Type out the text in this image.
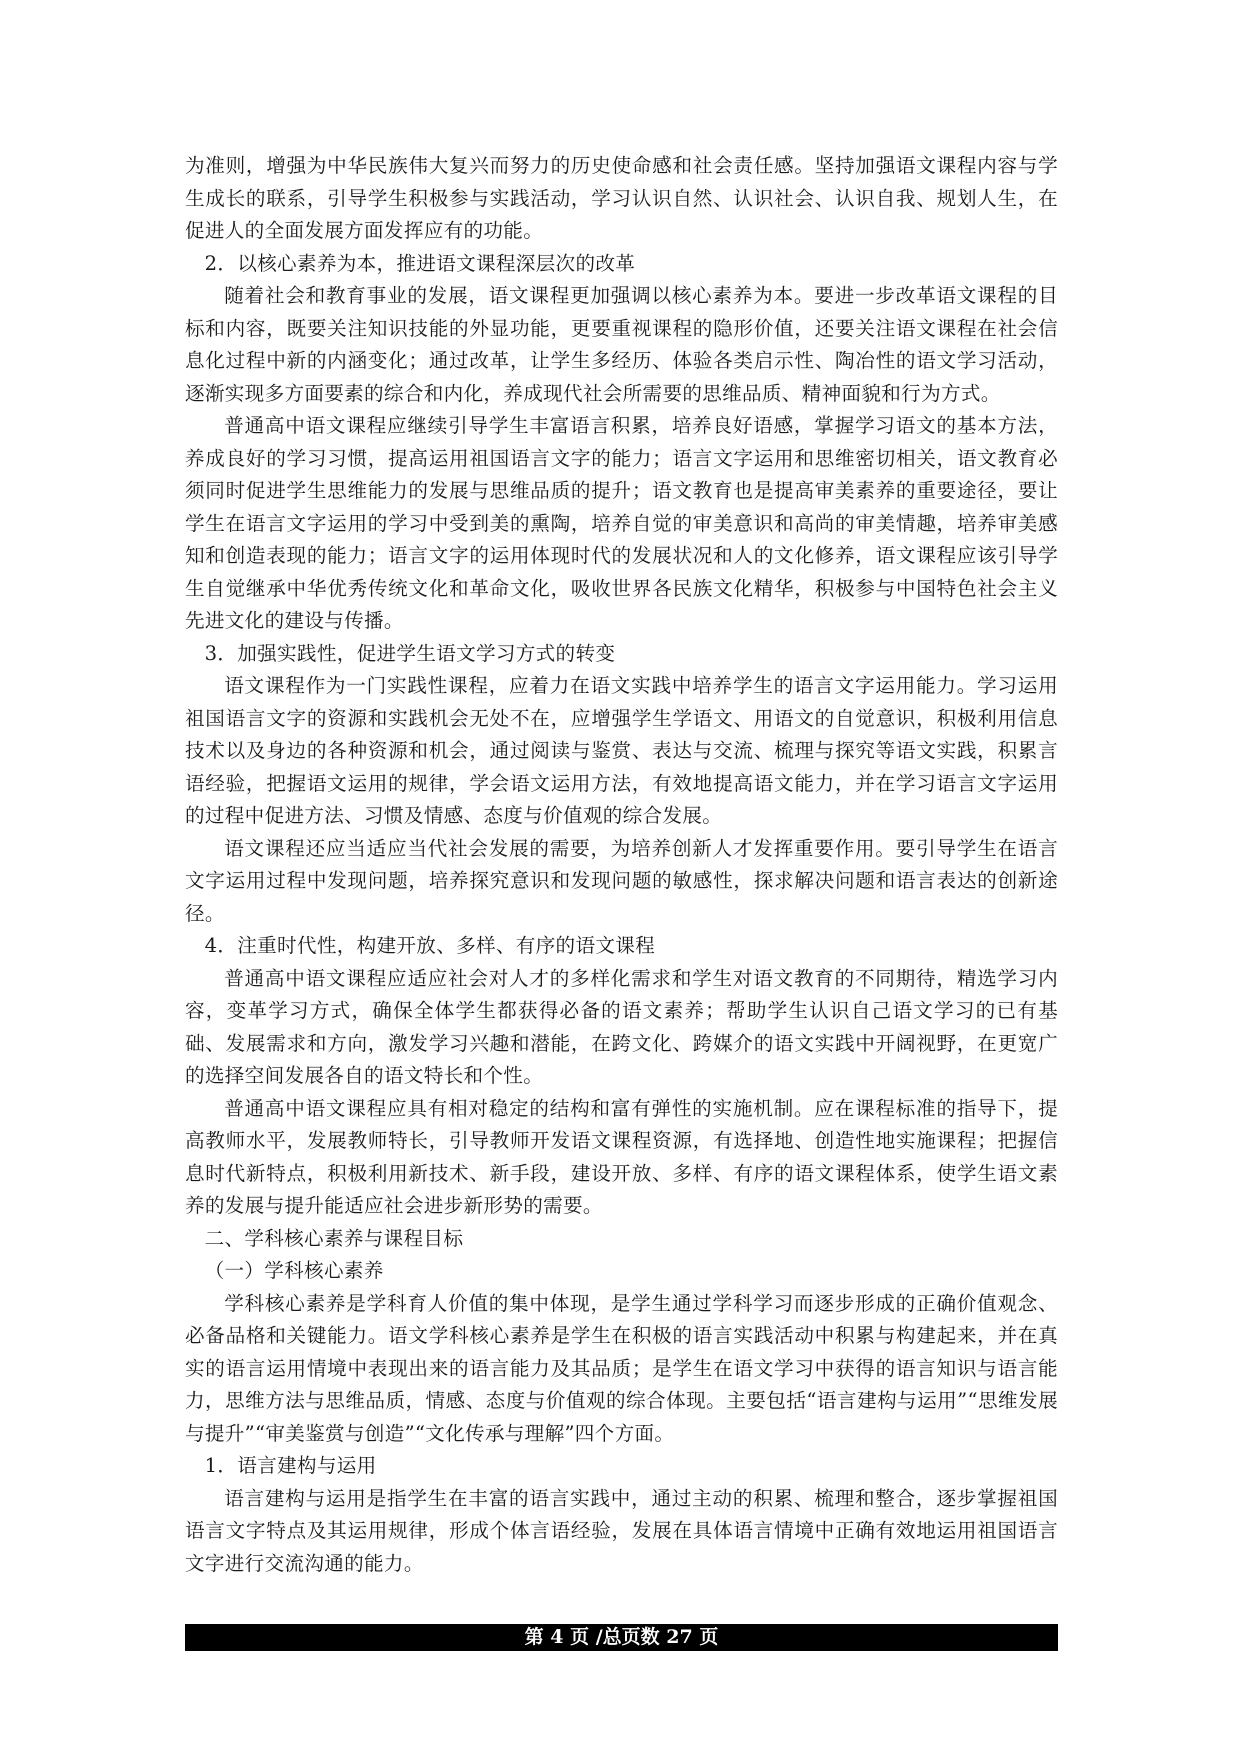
为准则，增强为中华民族伟大复兴而努力的历史使命感和社会责任感。坚持加强语文课程内容与学生成长的联系，引导学生积极参与实践活动，学习认识自然、认识社会、认识自我、规划人生，在促进人的全面发展方面发挥应有的功能。

2．以核心素养为本，推进语文课程深层次的改革

随着社会和教育事业的发展，语文课程更加强调以核心素养为本。要进一步改革语文课程的目标和内容，既要关注知识技能的外显功能，更要重视课程的隐形价值，还要关注语文课程在社会信息化过程中新的内涵变化；通过改革，让学生多经历、体验各类启示性、陶冶性的语文学习活动，逐渐实现多方面要素的综合和内化，养成现代社会所需要的思维品质、精神面貌和行为方式。

普通高中语文课程应继续引导学生丰富语言积累，培养良好语感，掌握学习语文的基本方法，养成良好的学习习惯，提高运用祖国语言文字的能力；语言文字运用和思维密切相关，语文教育必须同时促进学生思维能力的发展与思维品质的提升；语文教育也是提高审美素养的重要途径，要让学生在语言文字运用的学习中受到美的熏陶，培养自觉的审美意识和高尚的审美情趣，培养审美感知和创造表现的能力；语言文字的运用体现时代的发展状况和人的文化修养，语文课程应该引导学生自觉继承中华优秀传统文化和革命文化，吸收世界各民族文化精华，积极参与中国特色社会主义先进文化的建设与传播。

3．加强实践性，促进学生语文学习方式的转变

语文课程作为一门实践性课程，应着力在语文实践中培养学生的语言文字运用能力。学习运用祖国语言文字的资源和实践机会无处不在，应增强学生学语文、用语文的自觉意识，积极利用信息技术以及身边的各种资源和机会，通过阅读与鉴赏、表达与交流、梳理与探究等语文实践，积累言语经验，把握语文运用的规律，学会语文运用方法，有效地提高语文能力，并在学习语言文字运用的过程中促进方法、习惯及情感、态度与价值观的综合发展。

语文课程还应当适应当代社会发展的需要，为培养创新人才发挥重要作用。要引导学生在语言文字运用过程中发现问题，培养探究意识和发现问题的敏感性，探求解决问题和语言表达的创新途径。

4．注重时代性，构建开放、多样、有序的语文课程

普通高中语文课程应适应社会对人才的多样化需求和学生对语文教育的不同期待，精选学习内容，变革学习方式，确保全体学生都获得必备的语文素养；帮助学生认识自己语文学习的已有基础、发展需求和方向，激发学习兴趣和潜能，在跨文化、跨媒介的语文实践中开阔视野，在更宽广的选择空间发展各自的语文特长和个性。

普通高中语文课程应具有相对稳定的结构和富有弹性的实施机制。应在课程标准的指导下，提高教师水平，发展教师特长，引导教师开发语文课程资源，有选择地、创造性地实施课程；把握信息时代新特点，积极利用新技术、新手段，建设开放、多样、有序的语文课程体系，使学生语文素养的发展与提升能适应社会进步新形势的需要。

二、学科核心素养与课程目标

（一）学科核心素养

学科核心素养是学科育人价值的集中体现，是学生通过学科学习而逐步形成的正确价值观念、必备品格和关键能力。语文学科核心素养是学生在积极的语言实践活动中积累与构建起来，并在真实的语言运用情境中表现出来的语言能力及其品质；是学生在语文学习中获得的语言知识与语言能力，思维方法与思维品质，情感、态度与价值观的综合体现。主要包括“语言建构与运用”“思维发展与提升”“审美鉴赏与创造”“文化传承与理解”四个方面。

1．语言建构与运用

语言建构与运用是指学生在丰富的语言实践中，通过主动的积累、梳理和整合，逐步掌握祖国语言文字特点及其运用规律，形成个体言语经验，发展在具体语言情境中正确有效地运用祖国语言文字进行交流沟通的能力。

第 4 页 /总页数 27 页
